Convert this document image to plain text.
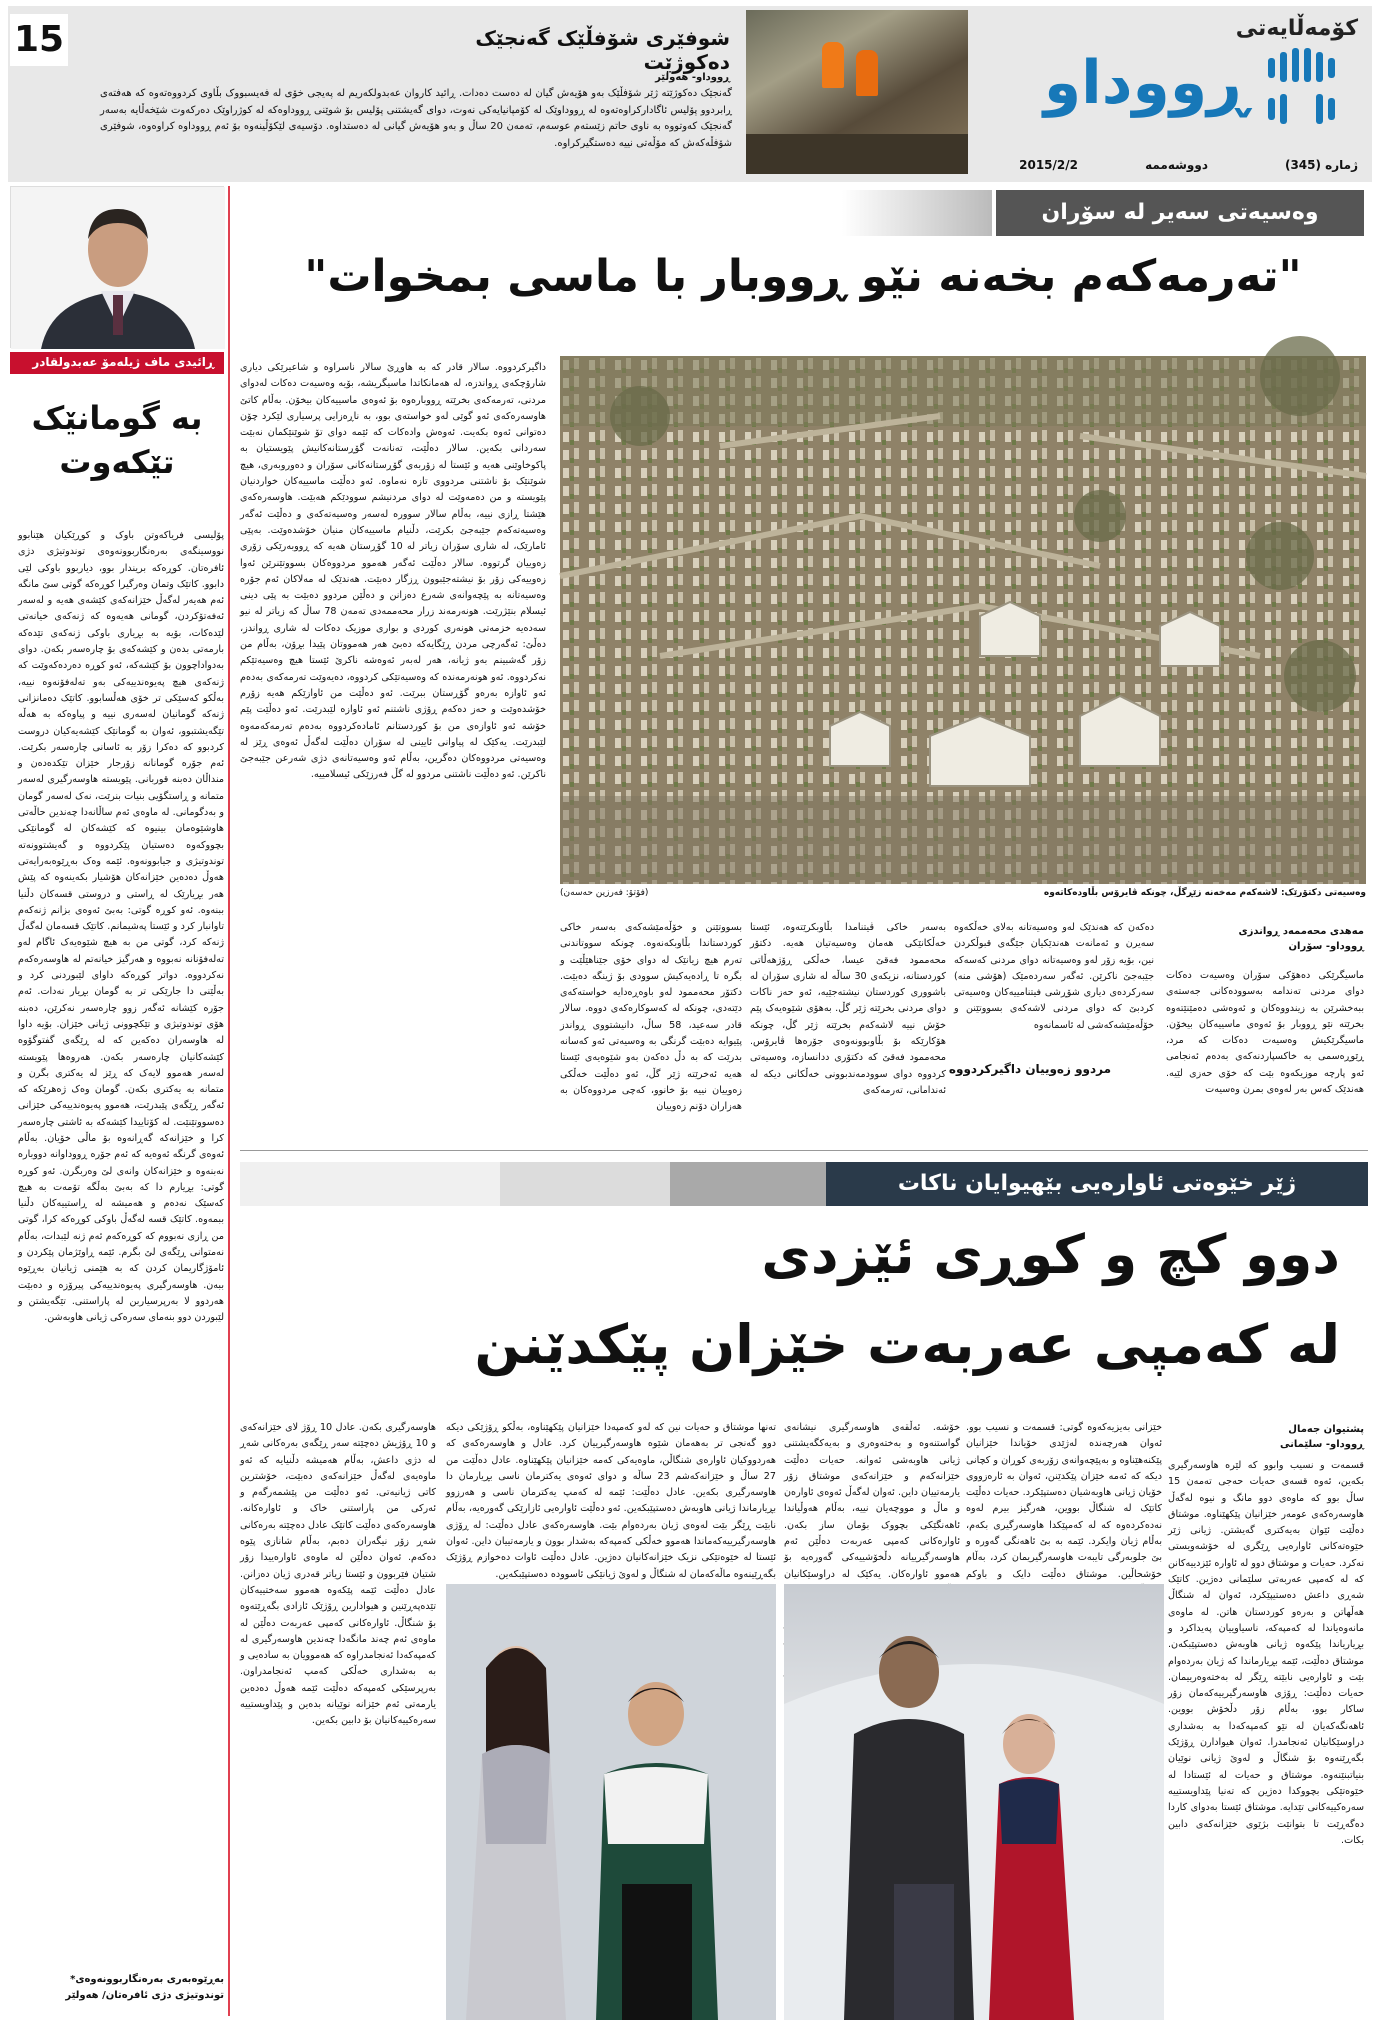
15	شوفێری شۆفڵێک گەنجێک دەکوژێت
ڕووداو- هەولێر
گەنجێک دەکوژێتە ژێر شۆفڵێک بەو هۆیەش گیان لە دەست دەدات. ڕائید کاروان عەبدولکەریم لە پەیجی خۆی لە فەیسبووک بڵاوی کردووەتەوە کە هەفتەی ڕابردوو پۆلیس ئاگادارکراوەتەوە لە ڕووداوێک لە کۆمپانیایەکی نەوت، دوای گەیشتنی پۆلیس بۆ شوێنی ڕووداوەکە لە کوژراوێک دەرکەوت شێخەڵایە بەسەر گەنجێک کەوتووە بە ناوی حاتم زێستەم عوسەم، تەمەن 20 ساڵ و بەو هۆیەش گیانی لە دەستداوە. دۆسیەی لێکۆڵینەوە بۆ ئەم ڕووداوە کراوەوە، شوفێری شۆفڵەکەش کە مۆڵەتی نییە دەستگیرکراوە.
کۆمەڵایەتی
ڕووداو
ژمارە (345)
دووشەممە
2015/2/2
ڕائیدی ماف ژیلەمۆ عەبدولقادر
بە گومانێک
تێکەوت
پۆلیسی فریاکەوتن باوک و کوڕێکیان هێنابوو نووسینگەی بەرەنگاربوونەوەی توندوتیژی دژی ئافرەتان. کوڕەکە بریندار بوو، دیاربوو باوکی لێی دابوو. کاتێک وتمان وەرگیرا کوڕەکە گوتی سێ مانگە ئەم هەیەر لەگەڵ خێزانەکەی کێشەی هەیە و لەسەر ئەفەتۆکردن، گومانی هەیەوە کە ژنەکەی خیانەتی لێدەکات، بۆیە بە بڕیاری باوکی ژنەکەی تێدەکە بارمەتی بدەن و کێشەکەی بۆ چارەسەر بکەن. دوای بەدواداچوون بۆ کێشەکە، ئەو کوڕە دەردەکەوێت کە ژنەکەی هیچ پەیوەندییەکی بەو تەلەفۆنەوە نییە، بەڵکو کەسێکی تر خۆی هەڵسابوو. کاتێک دەمانزانی ژنەکە گومانیان لەسەری نییە و پیاوەکە بە هەڵە تێگەیشتبوو، ئەوان بە گومانێک کێشەیەکیان دروست کردبوو کە دەکرا زۆر بە ئاسانی چارەسەر بکرێت. ئەم جۆرە گومانانە زۆرجار خێزان تێکدەدەن و منداڵان دەبنە قوربانی. پێویستە هاوسەرگیری لەسەر متمانە و ڕاستگۆیی بنیات بنرێت، نەک لەسەر گومان و بەدگومانی. لە ماوەی ئەم ساڵانەدا چەندین حاڵەتی هاوشێوەمان بینیوە کە کێشەکان لە گومانێکی بچووکەوە دەستیان پێکردووە و گەیشتوونەتە توندوتیژی و جیابوونەوە. ئێمە وەک بەڕێوەبەرایەتی هەوڵ دەدەین خێزانەکان هۆشیار بکەینەوە کە پێش هەر بڕیارێک لە ڕاستی و دروستی قسەکان دڵنیا ببنەوە. ئەو کوڕە گوتی: بەبێ ئەوەی بزانم ژنەکەم تاوانبار کرد و ئێستا پەشیمانم. کاتێک قسەمان لەگەڵ ژنەکە کرد، گوتی من بە هیچ شێوەیەک ئاگام لەو تەلەفۆنانە نەبووە و هەرگیز خیانەتم لە هاوسەرەکەم نەکردووە. دواتر کوڕەکە داوای لێبوردنی کرد و بەڵێنی دا جارێکی تر بە گومان بڕیار نەدات. ئەم جۆرە کێشانە ئەگەر زوو چارەسەر نەکرێن، دەبنە هۆی توندوتیژی و تێکچوونی ژیانی خێزان. بۆیە داوا لە هاوسەران دەکەین کە لە ڕێگەی گفتوگۆوە کێشەکانیان چارەسەر بکەن. هەروەها پێویستە لەسەر هەموو لایەک کە ڕێز لە یەکتری بگرن و متمانە بە یەکتری بکەن. گومان وەک ژەهرێکە کە ئەگەر ڕێگەی پێبدرێت، هەموو پەیوەندییەکی خێزانی دەسووتێنێت. لە کۆتاییدا کێشەکە بە ئاشتی چارەسەر کرا و خێزانەکە گەڕانەوە بۆ ماڵی خۆیان. بەڵام ئەوەی گرنگە ئەوەیە کە ئەم جۆرە ڕووداوانە دووبارە نەبنەوە و خێزانەکان وانەی لێ وەربگرن. ئەو کوڕە گوتی: بڕیارم دا کە بەبێ بەڵگە تۆمەت بە هیچ کەسێک نەدەم و هەمیشە لە ڕاستییەکان دڵنیا ببمەوە. کاتێک قسە لەگەڵ باوکی کوڕەکە کرا، گوتی من ڕازی نەبووم کە کوڕەکەم ئەم ژنە لێبدات، بەڵام نەمتوانی ڕێگەی لێ بگرم. ئێمە ڕاوێژمان پێکردن و ئامۆژگاریمان کردن کە بە هێمنی ژیانیان بەڕێوە ببەن. هاوسەرگیری پەیوەندییەکی پیرۆزە و دەبێت هەردوو لا بەرپرسیاربن لە پاراستنی. تێگەیشتن و لێبوردن دوو بنەمای سەرەکی ژیانی هاوبەشن.
*بەڕێوەبەری بەرەنگاربوونەوەی
توندوتیژی دژی ئافرەتان/ هەولێر
وەسیەتی سەیر لە سۆران
"تەرمەکەم بخەنە نێو ڕووبار با ماسی بمخوات"
وەسیەتی دکتۆرێک: لاشەکەم مەخەنە زێڕگڵ، چونکە ڤایرۆس بڵاودەکاتەوە
(فۆتۆ: فەرزین حەسەن)
داگیرکردووە. سالار قادر کە بە هاوڕێ سالار ناسراوە و شاعیرێکی دیاری شارۆچکەی ڕواندزە، لە هەمانکاتدا ماسیگریشە، بۆیە وەسیەت دەکات لەدوای مردنی، تەرمەکەی بخرێتە ڕووبارەوە بۆ ئەوەی ماسییەکان بیخۆن. بەڵام کاتێ هاوسەرەکەی ئەو گوێی لەو خواستەی بوو، بە ناڕەزایی پرسیاری لێکرد چۆن دەتوانی ئەوە بکەیت. ئەوەش وادەکات کە ئێمە دوای تۆ شوێنێکمان نەبێت سەردانی بکەین. سالار دەڵێت، تەنانەت گۆڕستانەکانیش پێویستیان بە پاکوخاوێنی هەیە و ئێستا لە زۆربەی گۆڕستانەکانی سۆران و دەوروبەری، هیچ شوێنێک بۆ ناشتنی مردووی تازە نەماوە. ئەو دەڵێت ماسییەکان خواردنیان پێویستە و من دەمەوێت لە دوای مردنیشم سوودێکم هەبێت. هاوسەرەکەی هێشتا ڕازی نییە، بەڵام سالار سوورە لەسەر وەسیەتەکەی و دەڵێت ئەگەر وەسیەتەکەم جێبەجێ بکرێت، دڵنیام ماسییەکان منیان خۆشدەوێت. بەپێی ئامارێک، لە شاری سۆران زیاتر لە 10 گۆڕستان هەیە کە ڕووبەرێکی زۆری زەوییان گرتووە. سالار دەڵێت ئەگەر هەموو مردووەکان بسووتێنرێن ئەوا زەوییەکی زۆر بۆ نیشتەجێبوون ڕزگار دەبێت. هەندێک لە مەلاکان ئەم جۆرە وەسیەتانە بە پێچەوانەی شەرع دەزانن و دەڵێن مردوو دەبێت بە پێی دینی ئیسلام بنێژرێت. هونەرمەند زرار محەممەدی تەمەن 78 ساڵ کە زیاتر لە نیو سەدەیە خزمەتی هونەری کوردی و بواری موزیک دەکات لە شاری ڕواندز، دەڵێ: ئەگەرچی مردن ڕێگایەکە دەبێ هەر هەمووتان پێیدا بڕۆن، بەڵام من زۆر گەشبینم بەو ژیانە، هەر لەبەر ئەوەشە ناکرێ ئێستا هیچ وەسیەتێکم نەکردووە. ئەو هونەرمەندە کە وەسیەتێکی کردووە، دەیەوێت تەرمەکەی بەدەم ئەو ئاوازە بەرەو گۆڕستان ببرێت. ئەو دەڵێت من ئاوازێکم هەیە زۆرم خۆشدەوێت و حەز دەکەم ڕۆژی ناشتنم ئەو ئاوازە لێبدرێت. ئەو دەڵێت پێم خۆشە ئەو ئاوازەی من بۆ کوردستانم ئامادەکردووە بەدەم تەرمەکەمەوە لێبدرێت. یەکێک لە پیاوانی ئایینی لە سۆران دەڵێت لەگەڵ ئەوەی ڕێز لە وەسیەتی مردووەکان دەگرین، بەڵام ئەو وەسیەتانەی دژی شەرعن جێبەجێ ناکرێن. ئەو دەڵێت ناشتنی مردوو لە گڵ فەرزێکی ئیسلامییە.
ماسیگرێکی دەهۆکی سۆران وەسیەت دەکات دوای مردنی تەندامە بەسوودەکانی جەستەی ببەخشرێن بە زیندووەکان و ئەوەشی دەمێنێتەوە بخرێتە نێو ڕووبار بۆ ئەوەی ماسییەکان بیخۆن. ماسیگرێکیش وەسیەت دەکات کە مرد، ڕێوڕەسمی بە خاکسپاردنەکەی بەدەم ئەنجامی ئەو پارچە موزیکەوە بێت کە خۆی حەزی لێیە. هەندێک کەس بەر لەوەی بمرن وەسیەت
مەهدی محەممەد ڕواندزی
ڕووداو- سۆران
دەکەن کە هەندێک لەو وەسیەتانە بەلای خەڵکەوە سەیرن و ئەمانەت هەندێکیان جێگەی قبوڵکردن نین، بۆیە زۆر لەو وەسیەتانە دوای مردنی کەسەکە جێبەجێ ناکرێن. ئەگەر سەردەمێک (هۆشی منە) سەرکردەی دیاری شۆڕشی فیتنامییەکان وەسیەتی کردبێ کە دوای مردنی لاشەکەی بسووتێنن و خۆڵەمێشەکەشی لە ئاسمانەوە
مردوو زەوییان داگیرکردووە
بەسەر خاکی ڤیتنامدا بڵاوبکرێتەوە، ئێستا خەڵکانێکی هەمان وەسیەتیان هەیە. دکتۆر محەممود فەقێ عیسا، خەڵکی ڕۆژهەڵاتی کوردستانە، نزیکەی 30 ساڵە لە شاری سۆران لە باشووری کوردستان نیشتەجێیە، ئەو حەز ناکات دوای مردنی بخرێتە ژێر گڵ. بەهۆی شێوەیەک پێم خۆش نییە لاشەکەم بخرێتە ژێر گڵ، چونکە هۆکارێکە بۆ بڵاوبوونەوەی جۆرەها ڤایرۆس. محەممود فەقێ کە دکتۆری ددانسازە، وەسیەتی کردووە دوای سوودمەندبوونی خەڵکانی دیکە لە ئەندامانی، تەرمەکەی
بسووتێنن و خۆڵەمێشەکەی بەسەر خاکی کوردستاندا بڵاوبکەنەوە. چونکە سووتاندنی تەرم هیچ زیانێک لە دوای خۆی جێناهێڵێت و بگرە تا ڕادەیەکیش سوودی بۆ ژینگە دەبێت. دکتۆر محەممود لەو باوەڕەدایە خواستەکەی دێتەدی، چونکە لە کەسوکارەکەی دووە. سالار قادر سەعید، 58 ساڵ، دانیشتووی ڕواندز پێیوایە دەبێت گرنگی بە وەسیەتی ئەو کەسانە بدرێت کە بە دڵ دەکەن بەو شێوەیەی ئێستا هەیە ئەخرێتە ژێر گڵ، ئەو دەڵێت خەڵکی زەوییان نییە بۆ خانوو، کەچی مردووەکان بە هەزاران دۆنم زەوییان
ژێر خێوەتی ئاوارەیی بێهیوایان ناکات
دوو کچ و کوڕی ئێزدی
لە کەمپی عەربەت خێزان پێکدێنن
پشتیوان جەمال
ڕووداو- سلێمانی
قسمەت و نسیب وابوو کە لێرە هاوسەرگیری بکەین، ئەوە قسەی حەیات حەجی تەمەن 15 ساڵ بوو کە ماوەی دوو مانگ و نیوە لەگەڵ هاوسەرەکەی عومەر خێزانیان پێکهێناوە. موشتاق دەڵێت ئێوان بەیەکتری گەیشتن. ژیانی ژێر خێوەتەکانی ئاوارەیی ڕێگری لە خۆشەویستی نەکرد. حەیات و موشتاق دوو لە ئاوارە ئێزدییەکانن کە لە کەمپی عەربەتی سلێمانی دەژین. کاتێک شەڕی داعش دەستیپێکرد، ئەوان لە شنگاڵ هەڵهاتن و بەرەو کوردستان هاتن. لە ماوەی مانەوەیاندا لە کەمپەکە، ناسیاوییان پەیداکرد و بڕیاریاندا پێکەوە ژیانی هاوبەش دەستپێبکەن. موشتاق دەڵێت، ئێمە بڕیارماندا کە ژیان بەردەوام بێت و ئاوارەیی نابێتە ڕێگر لە بەختەوەرییمان. حەیات دەڵێت: ڕۆژی هاوسەرگیرییەکەمان زۆر ساکار بوو، بەڵام زۆر دڵخۆش بووین. ئاهەنگەکەیان لە نێو کەمپەکەدا بە بەشداری دراوسێکانیان ئەنجامدرا. ئەوان هیوادارن ڕۆژێک بگەڕێنەوە بۆ شنگاڵ و لەوێ ژیانی نوێیان بنیاتبنێنەوە. موشتاق و حەیات لە ئێستادا لە خێوەتێکی بچووکدا دەژین کە تەنیا پێداویستییە سەرەکییەکانی تێدایە. موشتاق ئێستا بەدوای کاردا دەگەڕێت تا بتوانێت بژێوی خێزانەکەی دابین بکات.
خێزانی بەیزیەکەوە گوتی: قسمەت و نسیب بوو. ئەوان هەرچەندە لەژێدی خۆیاندا خێزانیان پێکنەهێناوە و بەپێچەوانەی زۆربەی کوڕان و کچانی دیکە کە ئەمە خێزان پێکدێنن، ئەوان بە ئارەزووی خۆیان ژیانی هاوبەشیان دەستپێکرد. حەیات دەڵێت کاتێک لە شنگاڵ بووین، هەرگیز بیرم لەوە نەدەکردەوە کە لە کەمپێکدا هاوسەرگیری بکەم، بەڵام ژیان وایکرد. ئێمە بە بێ ئاهەنگی گەورە و بێ جلوبەرگی تایبەت هاوسەرگیریمان کرد، بەڵام خۆشحاڵین. موشتاق دەڵێت دایک و باوکم
خۆشە. ئەڵقەی هاوسەرگیری نیشانەی گواستنەوە و بەختەوەری و بەیەکگەیشتنی ژیانی هاوبەشی ئەوانە. حەیات دەڵێت خێزانەکەم و خێزانەکەی موشتاق زۆر یارمەتییان داین. ئەوان لەگەڵ ئەوەی ئاوارەن و ماڵ و مووچەیان نییە، بەڵام هەوڵیاندا ئاهەنگێکی بچووک بۆمان ساز بکەن. ئاوارەکانی کەمپی عەربەت دەڵێن ئەم هاوسەرگیرییانە دڵخۆشییەکی گەورەیە بۆ هەموو ئاوارەکان. یەکێک لە دراوسێکانیان
تەنها موشتاق و حەیات نین کە لەو کەمپەدا خێزانیان پێکهێناوە، بەڵکو ڕۆژێکی دیکە دوو گەنجی تر بەهەمان شێوە هاوسەرگیرییان کرد. عادل و هاوسەرەکەی کە هەردووکیان ئاوارەی شنگاڵن، ماوەیەکی کەمە خێزانیان پێکهێناوە. عادل دەڵێت من 27 ساڵ و خێزانەکەشم 23 ساڵە و دوای ئەوەی یەکترمان ناسی بڕیارمان دا هاوسەرگیری بکەین. عادل دەڵێت: ئێمە لە کەمپ یەکترمان ناسی و هەرزوو بڕیارماندا ژیانی هاوبەش دەستپێبکەین. ئەو دەڵێت ئاوارەیی ئازارێکی گەورەیە، بەڵام نابێت ڕێگر بێت لەوەی ژیان بەردەوام بێت. هاوسەرەکەی عادل دەڵێت: لە ڕۆژی هاوسەرگیرییەکەماندا هەموو خەڵکی کەمپەکە بەشدار بوون و یارمەتییان داین. ئەوان ئێستا لە خێوەتێکی نزیک خێزانەکانیان دەژین. عادل دەڵێت ئاوات دەخوازم ڕۆژێک بگەڕێینەوە ماڵەکەمان لە شنگاڵ و لەوێ ژیانێکی ئاسوودە دەستپێبکەین.
هاوسەرگیری بکەن. عادل 10 ڕۆژ لای خێزانەکەی و 10 ڕۆژیش دەچێتە سەر ڕێگەی بەرەکانی شەڕ لە دژی داعش، بەڵام هەمیشە دڵنیایە کە ئەو ماوەیەی لەگەڵ خێزانەکەی دەبێت، خۆشترین کاتی ژیانیەتی. ئەو دەڵێت من پێشمەرگەم و ئەرکی من پاراستنی خاک و ئاوارەکانە. هاوسەرەکەی دەڵێت کاتێک عادل دەچێتە بەرەکانی شەڕ زۆر نیگەران دەبم، بەڵام شانازی پێوە دەکەم. ئەوان دەڵێن لە ماوەی ئاوارەییدا زۆر شتیان فێربوون و ئێستا زیاتر قەدری ژیان دەزانن. عادل دەڵێت ئێمە پێکەوە هەموو سەختییەکان تێدەپەڕێنین و هیوادارین ڕۆژێک ئازادی بگەڕێتەوە بۆ شنگاڵ. ئاوارەکانی کەمپی عەربەت دەڵێن لە ماوەی ئەم چەند مانگەدا چەندین هاوسەرگیری لە کەمپەکەدا ئەنجامدراوە کە هەموویان بە سادەیی و بە بەشداری خەڵکی کەمپ ئەنجامدراون. بەرپرسێکی کەمپەکە دەڵێت ئێمە هەوڵ دەدەین یارمەتی ئەم خێزانە نوێیانە بدەین و پێداویستییە سەرەکییەکانیان بۆ دابین بکەین.
